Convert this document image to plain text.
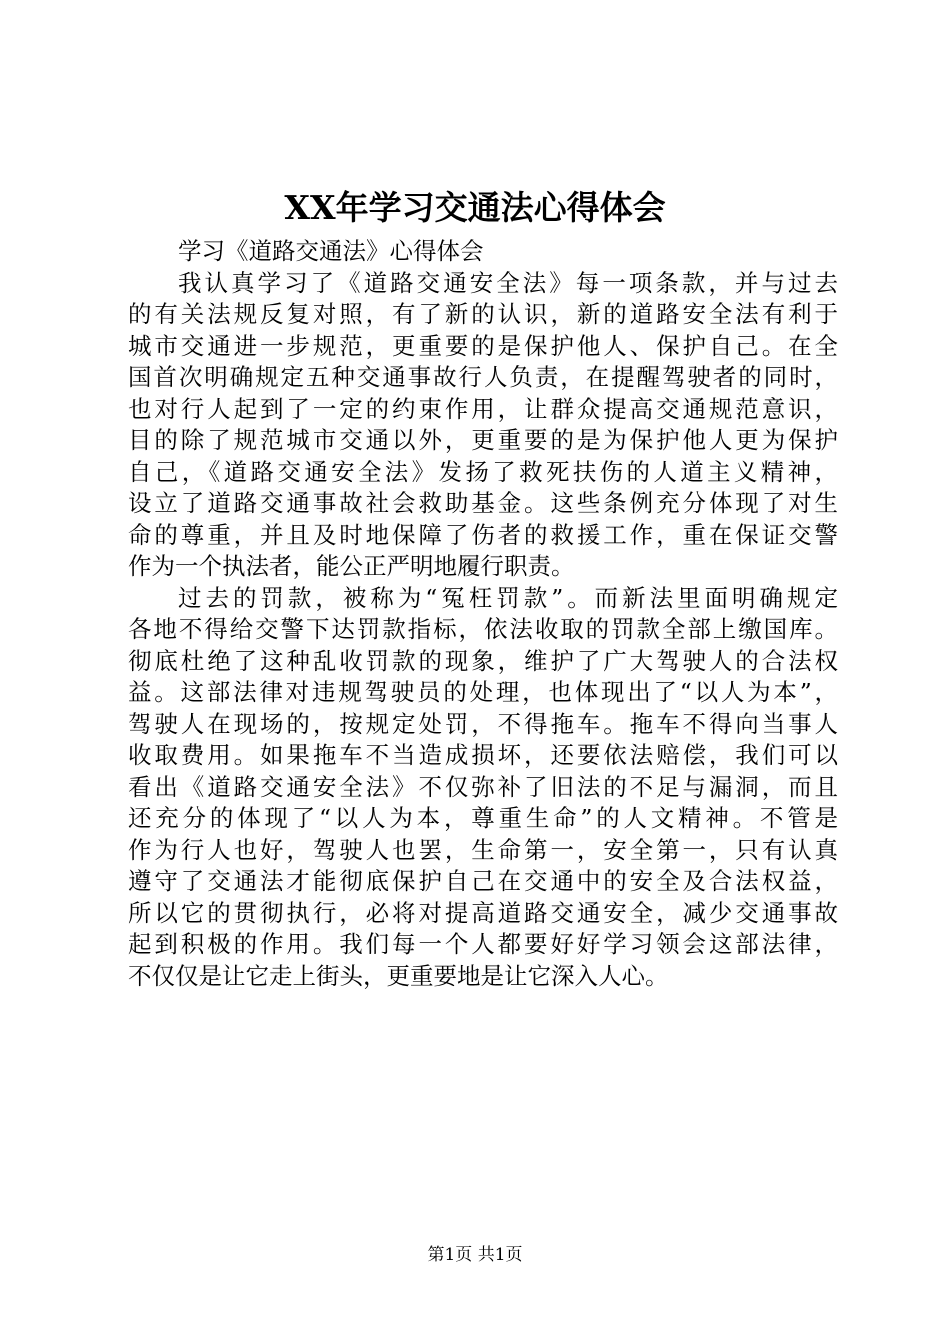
XX年学习交通法心得体会
学习《道路交通法》心得体会
我认真学习了《道路交通安全法》每一项条款，并与过去
的有关法规反复对照，有了新的认识，新的道路安全法有利于
城市交通进一步规范，更重要的是保护他人、保护自己。在全
国首次明确规定五种交通事故行人负责，在提醒驾驶者的同时，
也对行人起到了一定的约束作用，让群众提高交通规范意识，
目的除了规范城市交通以外，更重要的是为保护他人更为保护
自己，《道路交通安全法》发扬了救死扶伤的人道主义精神，
设立了道路交通事故社会救助基金。这些条例充分体现了对生
命的尊重，并且及时地保障了伤者的救援工作，重在保证交警
作为一个执法者，能公正严明地履行职责。
过去的罚款，被称为“冤枉罚款”。而新法里面明确规定
各地不得给交警下达罚款指标，依法收取的罚款全部上缴国库。
彻底杜绝了这种乱收罚款的现象，维护了广大驾驶人的合法权
益。这部法律对违规驾驶员的处理，也体现出了“以人为本”，
驾驶人在现场的，按规定处罚，不得拖车。拖车不得向当事人
收取费用。如果拖车不当造成损坏，还要依法赔偿，我们可以
看出《道路交通安全法》不仅弥补了旧法的不足与漏洞，而且
还充分的体现了“以人为本，尊重生命”的人文精神。不管是
作为行人也好，驾驶人也罢，生命第一，安全第一，只有认真
遵守了交通法才能彻底保护自己在交通中的安全及合法权益，
所以它的贯彻执行，必将对提高道路交通安全，减少交通事故
起到积极的作用。我们每一个人都要好好学习领会这部法律，
不仅仅是让它走上街头，更重要地是让它深入人心。
第1页 共1页
